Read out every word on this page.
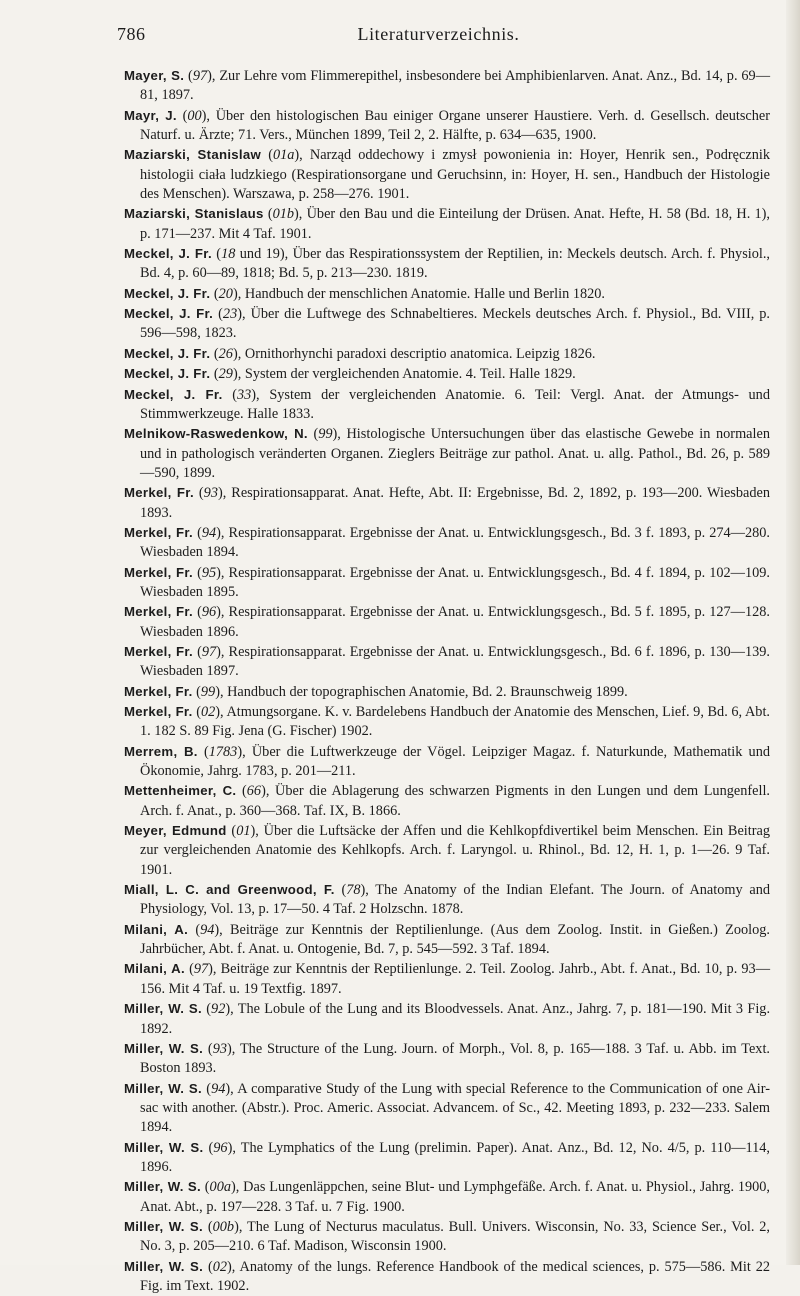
786	Literaturverzeichnis.
Mayer, S. (97), Zur Lehre vom Flimmerepithel, insbesondere bei Amphibienlarven. Anat. Anz., Bd. 14, p. 69—81, 1897.
Mayr, J. (00), Über den histologischen Bau einiger Organe unserer Haustiere. Verh. d. Gesellsch. deutscher Naturf. u. Ärzte; 71. Vers., München 1899, Teil 2, 2. Hälfte, p. 634—635, 1900.
Maziarski, Stanislaw (01a), Narząd oddechowy i zmysł powonienia in: Hoyer, Henrik sen., Podręcznik histologii ciała ludzkiego (Respirationsorgane und Geruchsinn, in: Hoyer, H. sen., Handbuch der Histologie des Menschen). Warszawa, p. 258—276. 1901.
Maziarski, Stanislaus (01b), Über den Bau und die Einteilung der Drüsen. Anat. Hefte, H. 58 (Bd. 18, H. 1), p. 171—237. Mit 4 Taf. 1901.
Meckel, J. Fr. (18 und 19), Über das Respirationssystem der Reptilien, in: Meckels deutsch. Arch. f. Physiol., Bd. 4, p. 60—89, 1818; Bd. 5, p. 213—230. 1819.
Meckel, J. Fr. (20), Handbuch der menschlichen Anatomie. Halle und Berlin 1820.
Meckel, J. Fr. (23), Über die Luftwege des Schnabeltieres. Meckels deutsches Arch. f. Physiol., Bd. VIII, p. 596—598, 1823.
Meckel, J. Fr. (26), Ornithorhynchi paradoxi descriptio anatomica. Leipzig 1826.
Meckel, J. Fr. (29), System der vergleichenden Anatomie. 4. Teil. Halle 1829.
Meckel, J. Fr. (33), System der vergleichenden Anatomie. 6. Teil: Vergl. Anat. der Atmungs- und Stimmwerkzeuge. Halle 1833.
Melnikow-Raswedenkow, N. (99), Histologische Untersuchungen über das elastische Gewebe in normalen und in pathologisch veränderten Organen. Zieglers Beiträge zur pathol. Anat. u. allg. Pathol., Bd. 26, p. 589—590, 1899.
Merkel, Fr. (93), Respirationsapparat. Anat. Hefte, Abt. II: Ergebnisse, Bd. 2, 1892, p. 193—200. Wiesbaden 1893.
Merkel, Fr. (94), Respirationsapparat. Ergebnisse der Anat. u. Entwicklungsgesch., Bd. 3 f. 1893, p. 274—280. Wiesbaden 1894.
Merkel, Fr. (95), Respirationsapparat. Ergebnisse der Anat. u. Entwicklungsgesch., Bd. 4 f. 1894, p. 102—109. Wiesbaden 1895.
Merkel, Fr. (96), Respirationsapparat. Ergebnisse der Anat. u. Entwicklungsgesch., Bd. 5 f. 1895, p. 127—128. Wiesbaden 1896.
Merkel, Fr. (97), Respirationsapparat. Ergebnisse der Anat. u. Entwicklungsgesch., Bd. 6 f. 1896, p. 130—139. Wiesbaden 1897.
Merkel, Fr. (99), Handbuch der topographischen Anatomie, Bd. 2. Braunschweig 1899.
Merkel, Fr. (02), Atmungsorgane. K. v. Bardelebens Handbuch der Anatomie des Menschen, Lief. 9, Bd. 6, Abt. 1. 182 S. 89 Fig. Jena (G. Fischer) 1902.
Merrem, B. (1783), Über die Luftwerkzeuge der Vögel. Leipziger Magaz. f. Naturkunde, Mathematik und Ökonomie, Jahrg. 1783, p. 201—211.
Mettenheimer, C. (66), Über die Ablagerung des schwarzen Pigments in den Lungen und dem Lungenfell. Arch. f. Anat., p. 360—368. Taf. IX, B. 1866.
Meyer, Edmund (01), Über die Luftsäcke der Affen und die Kehlkopfdivertikel beim Menschen. Ein Beitrag zur vergleichenden Anatomie des Kehlkopfs. Arch. f. Laryngol. u. Rhinol., Bd. 12, H. 1, p. 1—26. 9 Taf. 1901.
Miall, L. C. and Greenwood, F. (78), The Anatomy of the Indian Elefant. The Journ. of Anatomy and Physiology, Vol. 13, p. 17—50. 4 Taf. 2 Holzschn. 1878.
Milani, A. (94), Beiträge zur Kenntnis der Reptilienlunge. (Aus dem Zoolog. Instit. in Gießen.) Zoolog. Jahrbücher, Abt. f. Anat. u. Ontogenie, Bd. 7, p. 545—592. 3 Taf. 1894.
Milani, A. (97), Beiträge zur Kenntnis der Reptilienlunge. 2. Teil. Zoolog. Jahrb., Abt. f. Anat., Bd. 10, p. 93—156. Mit 4 Taf. u. 19 Textfig. 1897.
Miller, W. S. (92), The Lobule of the Lung and its Bloodvessels. Anat. Anz., Jahrg. 7, p. 181—190. Mit 3 Fig. 1892.
Miller, W. S. (93), The Structure of the Lung. Journ. of Morph., Vol. 8, p. 165—188. 3 Taf. u. Abb. im Text. Boston 1893.
Miller, W. S. (94), A comparative Study of the Lung with special Reference to the Communication of one Air-sac with another. (Abstr.). Proc. Americ. Associat. Advancem. of Sc., 42. Meeting 1893, p. 232—233. Salem 1894.
Miller, W. S. (96), The Lymphatics of the Lung (prelimin. Paper). Anat. Anz., Bd. 12, No. 4/5, p. 110—114, 1896.
Miller, W. S. (00a), Das Lungenläppchen, seine Blut- und Lymphgefäße. Arch. f. Anat. u. Physiol., Jahrg. 1900, Anat. Abt., p. 197—228. 3 Taf. u. 7 Fig. 1900.
Miller, W. S. (00b), The Lung of Necturus maculatus. Bull. Univers. Wisconsin, No. 33, Science Ser., Vol. 2, No. 3, p. 205—210. 6 Taf. Madison, Wisconsin 1900.
Miller, W. S. (02), Anatomy of the lungs. Reference Handbook of the medical sciences, p. 575—586. Mit 22 Fig. im Text. 1902.
